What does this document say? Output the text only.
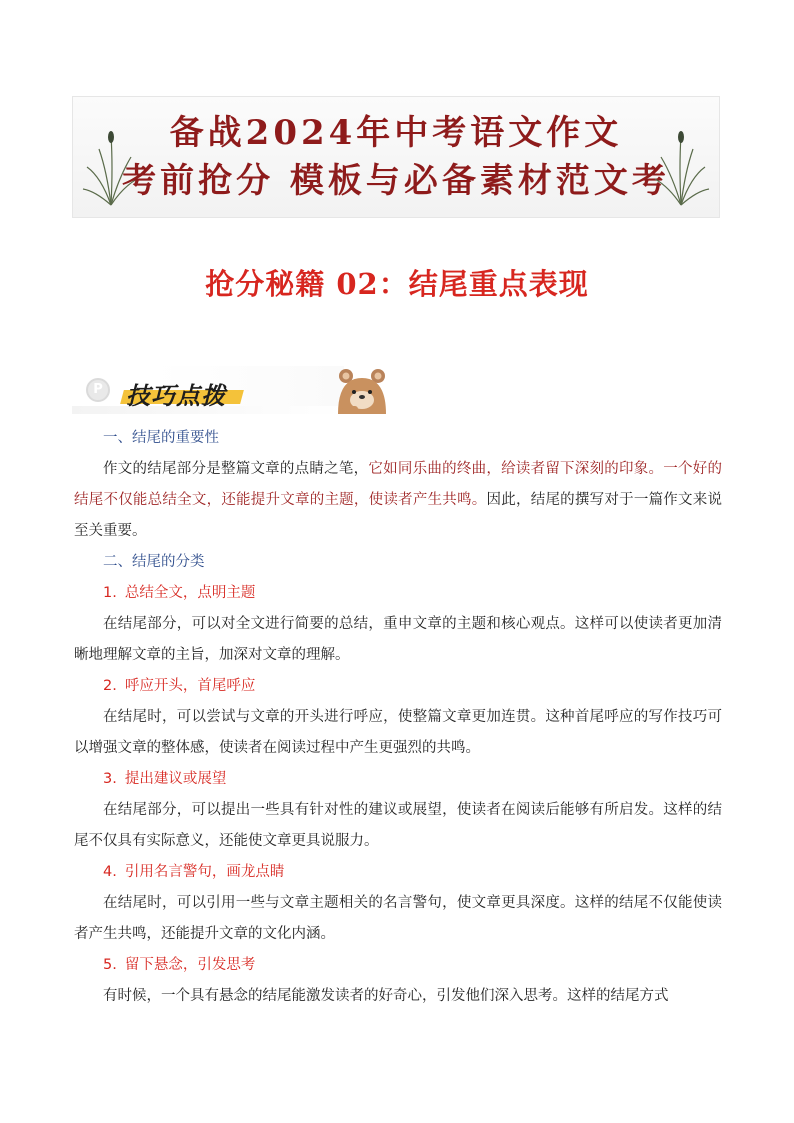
备战2024年中考语文作文
考前抢分 模板与必备素材范文考
抢分秘籍 02：结尾重点表现
P 技巧点拨

一、结尾的重要性

作文的结尾部分是整篇文章的点睛之笔，它如同乐曲的终曲，给读者留下深刻的印象。一个好的结尾不仅能总结全文，还能提升文章的主题，使读者产生共鸣。因此，结尾的撰写对于一篇作文来说至关重要。

二、结尾的分类

1. 总结全文，点明主题

在结尾部分，可以对全文进行简要的总结，重申文章的主题和核心观点。这样可以使读者更加清晰地理解文章的主旨，加深对文章的理解。

2. 呼应开头，首尾呼应

在结尾时，可以尝试与文章的开头进行呼应，使整篇文章更加连贯。这种首尾呼应的写作技巧可以增强文章的整体感，使读者在阅读过程中产生更强烈的共鸣。

3. 提出建议或展望

在结尾部分，可以提出一些具有针对性的建议或展望，使读者在阅读后能够有所启发。这样的结尾不仅具有实际意义，还能使文章更具说服力。

4. 引用名言警句，画龙点睛

在结尾时，可以引用一些与文章主题相关的名言警句，使文章更具深度。这样的结尾不仅能使读者产生共鸣，还能提升文章的文化内涵。

5. 留下悬念，引发思考

有时候，一个具有悬念的结尾能激发读者的好奇心，引发他们深入思考。这样的结尾方式
